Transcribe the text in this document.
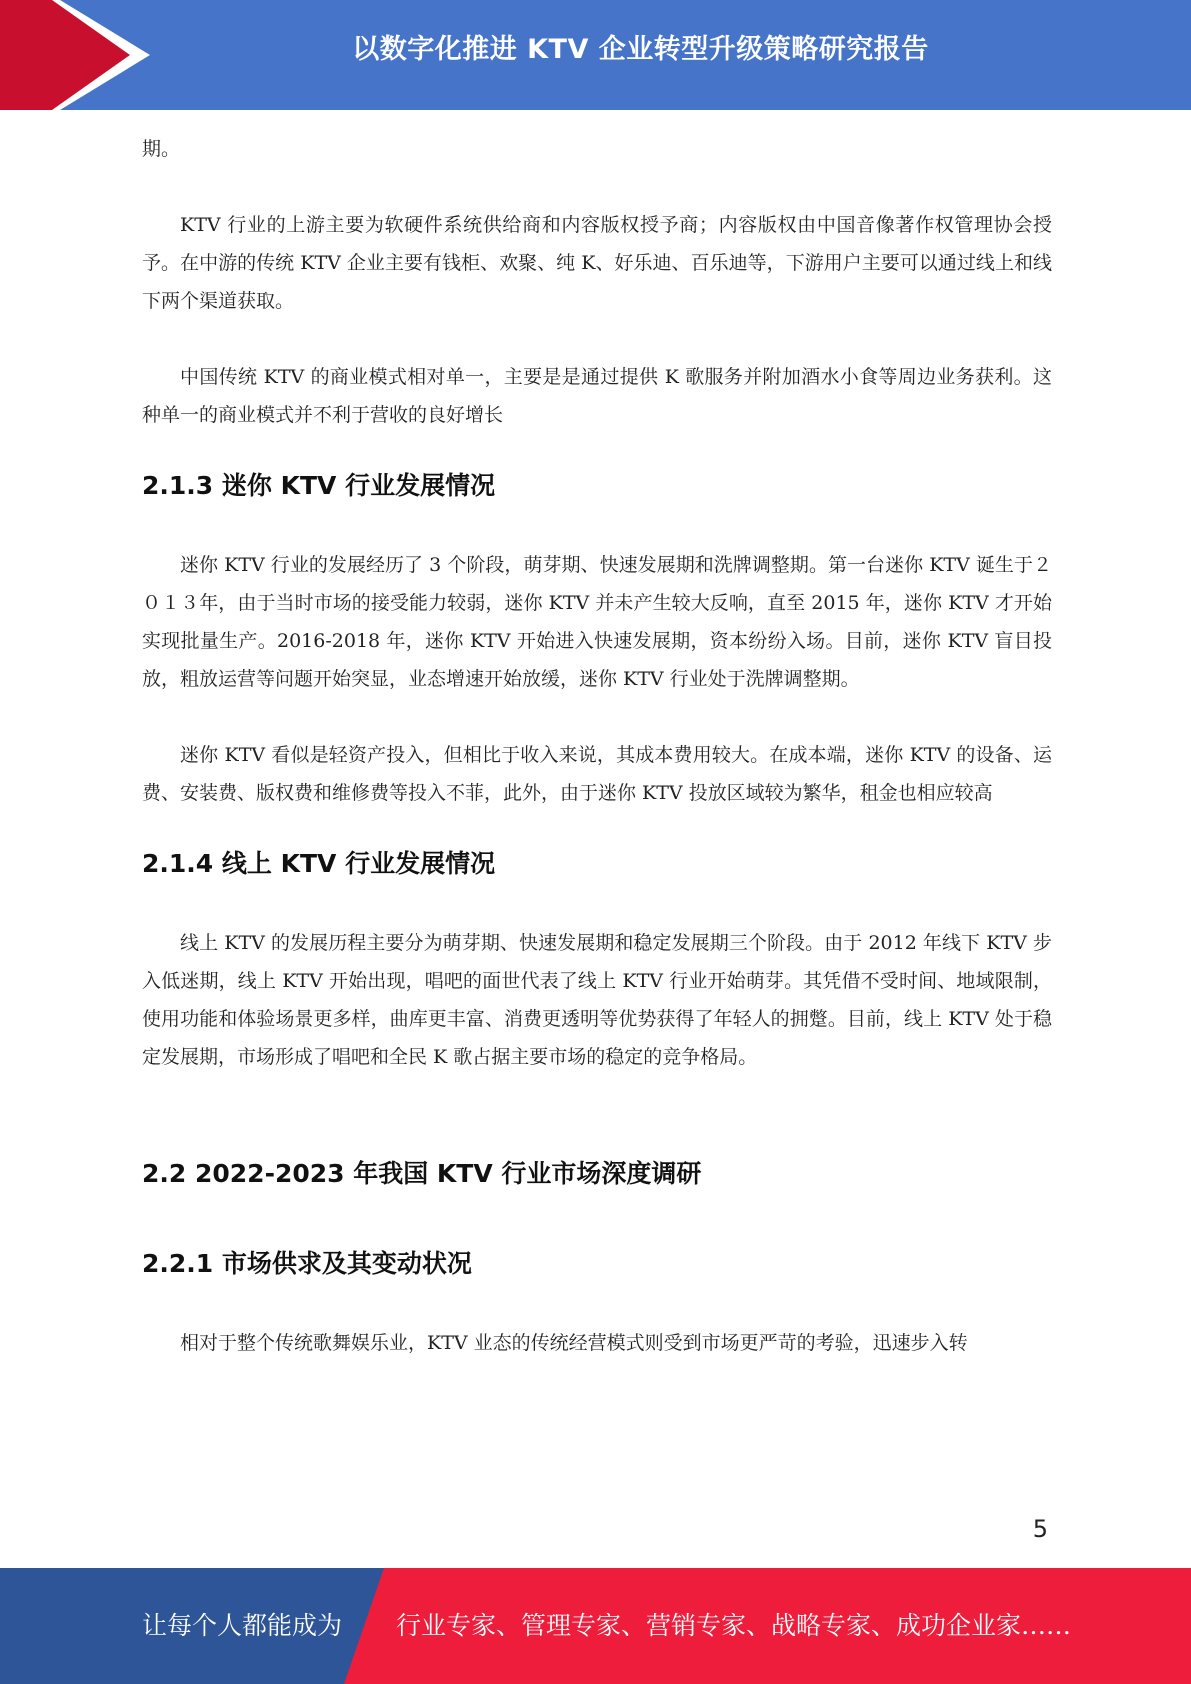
以数字化推进 KTV 企业转型升级策略研究报告

期。

KTV 行业的上游主要为软硬件系统供给商和内容版权授予商；内容版权由中国音像著作权管理协会授予。在中游的传统 KTV 企业主要有钱柜、欢聚、纯 K、好乐迪、百乐迪等，下游用户主要可以通过线上和线下两个渠道获取。

中国传统 KTV 的商业模式相对单一，主要是是通过提供 K 歌服务并附加酒水小食等周边业务获利。这种单一的商业模式并不利于营收的良好增长

2.1.3 迷你 KTV 行业发展情况

迷你 KTV 行业的发展经历了 3 个阶段，萌芽期、快速发展期和洗牌调整期。第一台迷你 KTV 诞生于２０１３年，由于当时市场的接受能力较弱，迷你 KTV 并未产生较大反响，直至 2015 年，迷你 KTV 才开始实现批量生产。2016-2018 年，迷你 KTV 开始进入快速发展期，资本纷纷入场。目前，迷你 KTV 盲目投放，粗放运营等问题开始突显，业态增速开始放缓，迷你 KTV 行业处于洗牌调整期。

迷你 KTV 看似是轻资产投入，但相比于收入来说，其成本费用较大。在成本端，迷你 KTV 的设备、运费、安装费、版权费和维修费等投入不菲，此外，由于迷你 KTV 投放区域较为繁华，租金也相应较高

2.1.4 线上 KTV 行业发展情况

线上 KTV 的发展历程主要分为萌芽期、快速发展期和稳定发展期三个阶段。由于 2012 年线下 KTV 步入低迷期，线上 KTV 开始出现，唱吧的面世代表了线上 KTV 行业开始萌芽。其凭借不受时间、地域限制，使用功能和体验场景更多样，曲库更丰富、消费更透明等优势获得了年轻人的拥蹩。目前，线上 KTV 处于稳定发展期，市场形成了唱吧和全民 K 歌占据主要市场的稳定的竞争格局。

2.2 2022-2023 年我国 KTV 行业市场深度调研
2.2.1 市场供求及其变动状况

相对于整个传统歌舞娱乐业，KTV 业态的传统经营模式则受到市场更严苛的考验，迅速步入转

5
让每个人都能成为 行业专家、管理专家、营销专家、战略专家、成功企业家……
